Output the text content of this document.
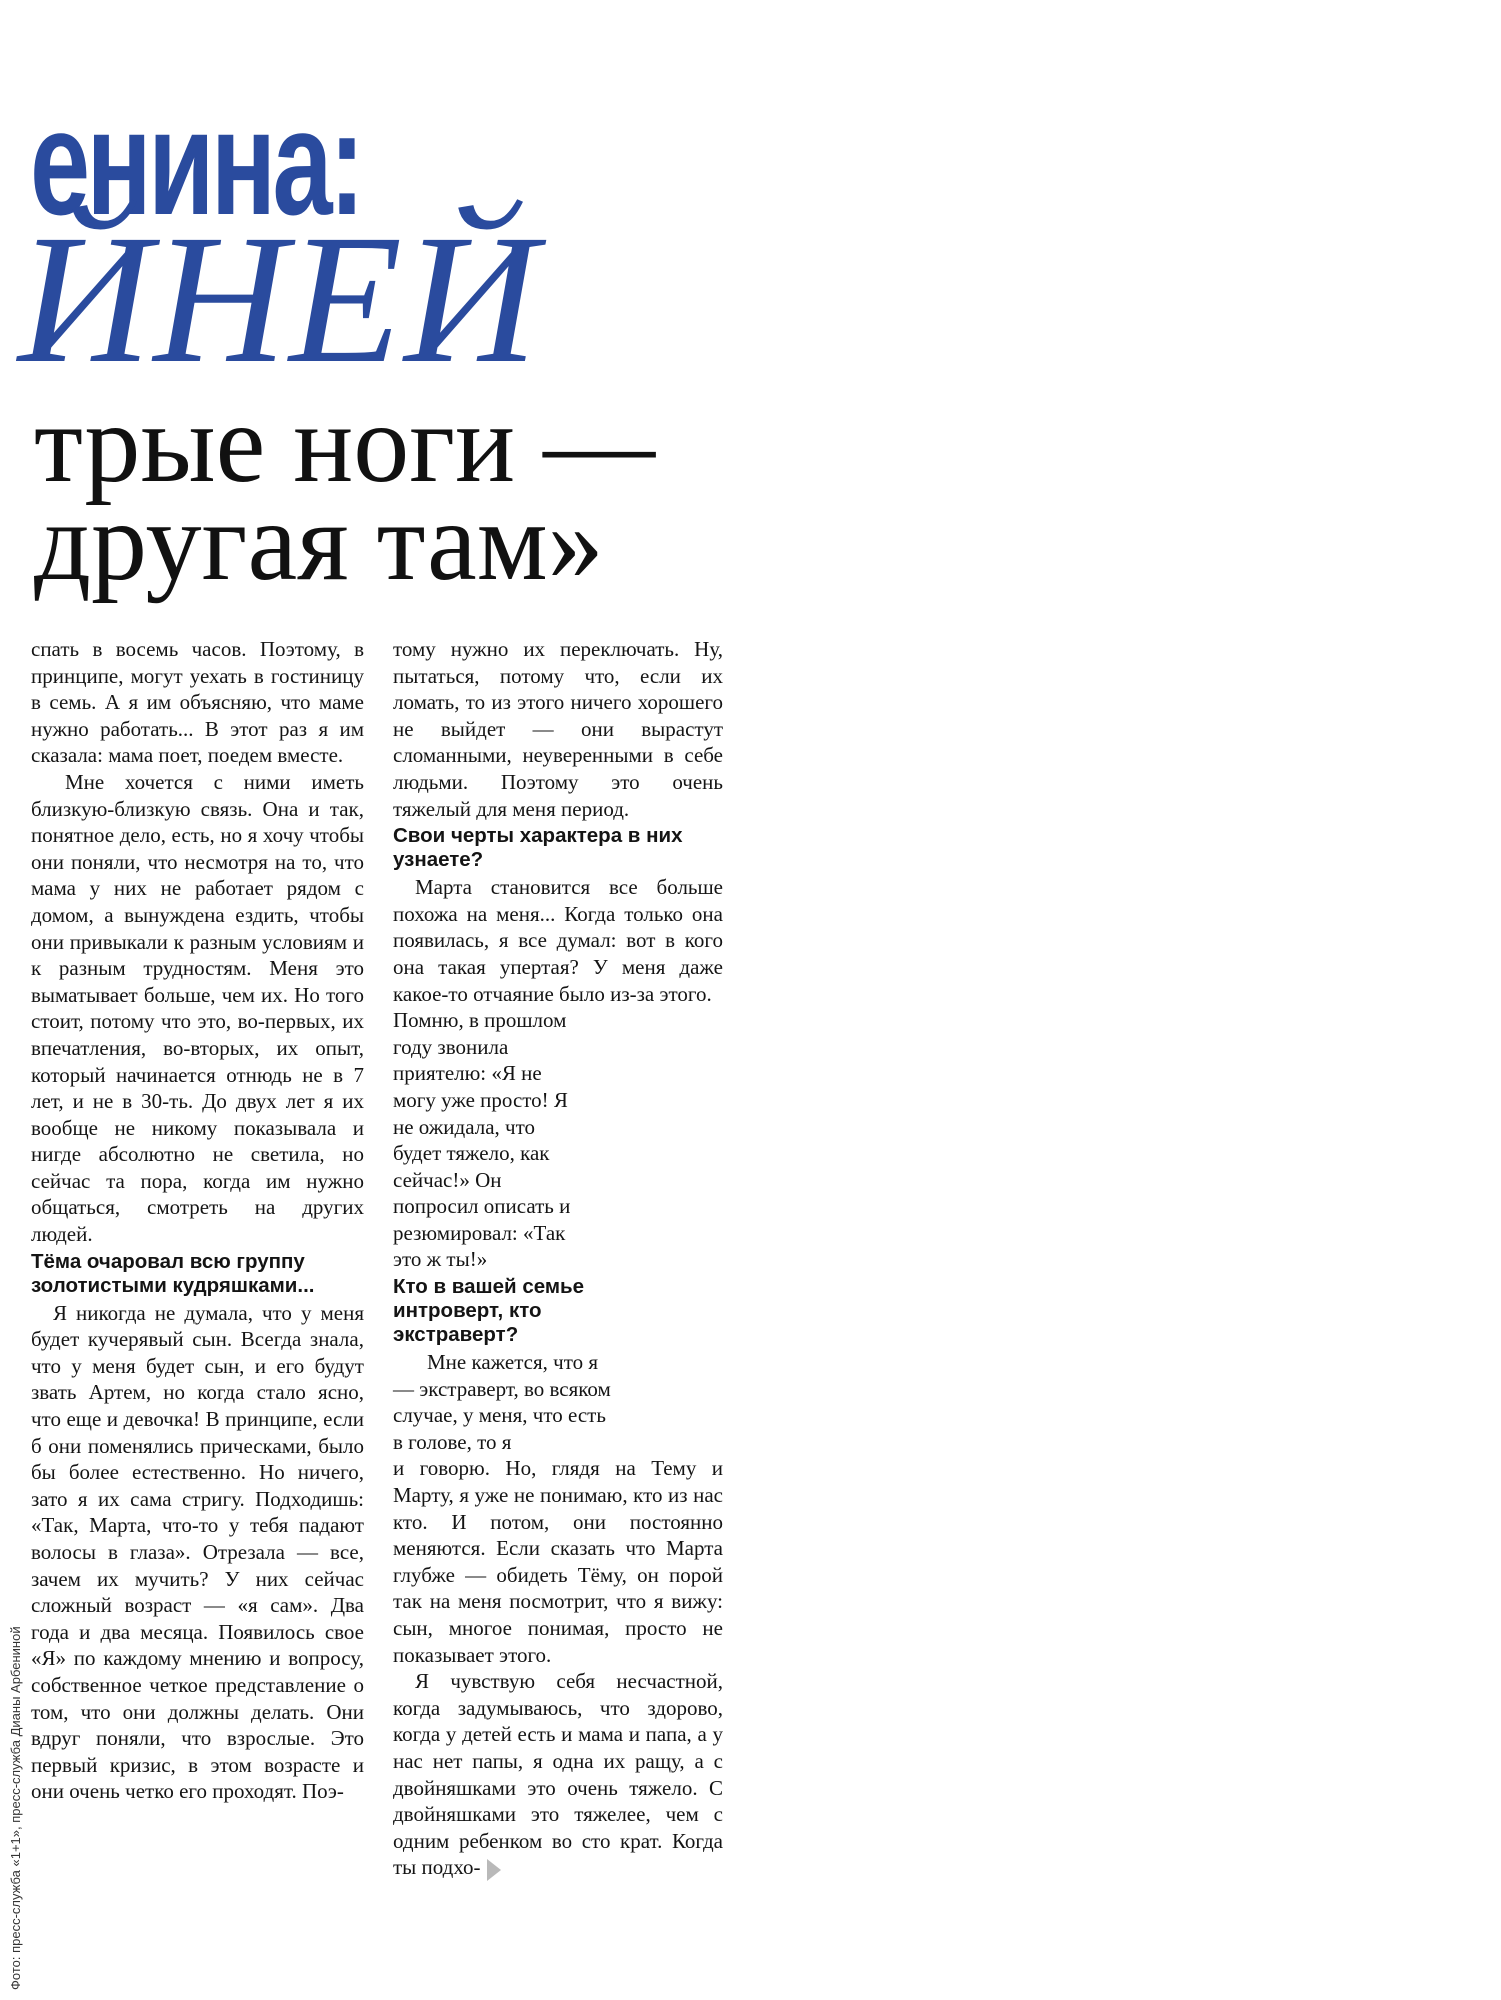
енина:
ЙНЕЙ
трые ноги —
другая там»
Фото: пресс-служба «1+1», пресс-служба Дианы Арбениной

спать в восемь часов. Поэтому, в принципе, могут уехать в гостиницу в семь. А я им объясняю, что маме нужно работать... В этот раз я им сказала: мама поет, поедем вместе.

Мне хочется с ними иметь близкую-близкую связь. Она и так, понятное дело, есть, но я хочу чтобы они поняли, что несмотря на то, что мама у них не работает рядом с домом, а вынуждена ездить, чтобы они привыкали к разным условиям и к разным трудностям. Меня это выматывает больше, чем их. Но того стоит, потому что это, во-первых, их впечатления, во-вторых, их опыт, который начинается отнюдь не в 7 лет, и не в 30-ть. До двух лет я их вообще не никому показывала и нигде абсолютно не светила, но сейчас та пора, когда им нужно общаться, смотреть на других людей.

Тёма очаровал всю группу золотистыми кудряшками...

Я никогда не думала, что у меня будет кучерявый сын. Всегда знала, что у меня будет сын, и его будут звать Артем, но когда стало ясно, что еще и девочка! В принципе, если б они поменялись прическами, было бы более естественно. Но ничего, зато я их сама стригу. Подходишь: «Так, Марта, что-то у тебя падают волосы в глаза». Отрезала — все, зачем их мучить? У них сейчас сложный возраст — «я сам». Два года и два месяца. Появилось свое «Я» по каждому мнению и вопросу, собственное четкое представление о том, что они должны делать. Они вдруг поняли, что взрослые. Это первый кризис, в этом возрасте и они очень четко его проходят. Поэ-

тому нужно их переключать. Ну, пытаться, потому что, если их ломать, то из этого ничего хорошего не выйдет — они вырастут сломанными, неуверенными в себе людьми. Поэтому это очень тяжелый для меня период.

Свои черты характера в них узнаете?

Марта становится все больше похожа на меня... Когда только она появилась, я все думал: вот в кого она такая упертая? У меня даже какое-то отчаяние было из-за этого.

Помню, в прошлом году звонила приятелю: «Я не могу уже просто! Я не ожидала, что будет тяжело, как сейчас!» Он попросил описать и резюмировал: «Так это ж ты!»

Кто в вашей семье интроверт, кто экстраверт?

Мне кажется, что я — экстраверт, во всяком случае, у меня, что есть в голове, то я

и говорю. Но, глядя на Тему и Марту, я уже не понимаю, кто из нас кто. И потом, они постоянно меняются. Если сказать что Марта глубже — обидеть Тёму, он порой так на меня посмотрит, что я вижу: сын, многое понимая, просто не показывает этого.

Я чувствую себя несчастной, когда задумываюсь, что здорово, когда у детей есть и мама и папа, а у нас нет папы, я одна их ращу, а с двойняшками это очень тяжело. С двойняшками это тяжелее, чем с одним ребенком во сто крат. Когда ты подхо-
